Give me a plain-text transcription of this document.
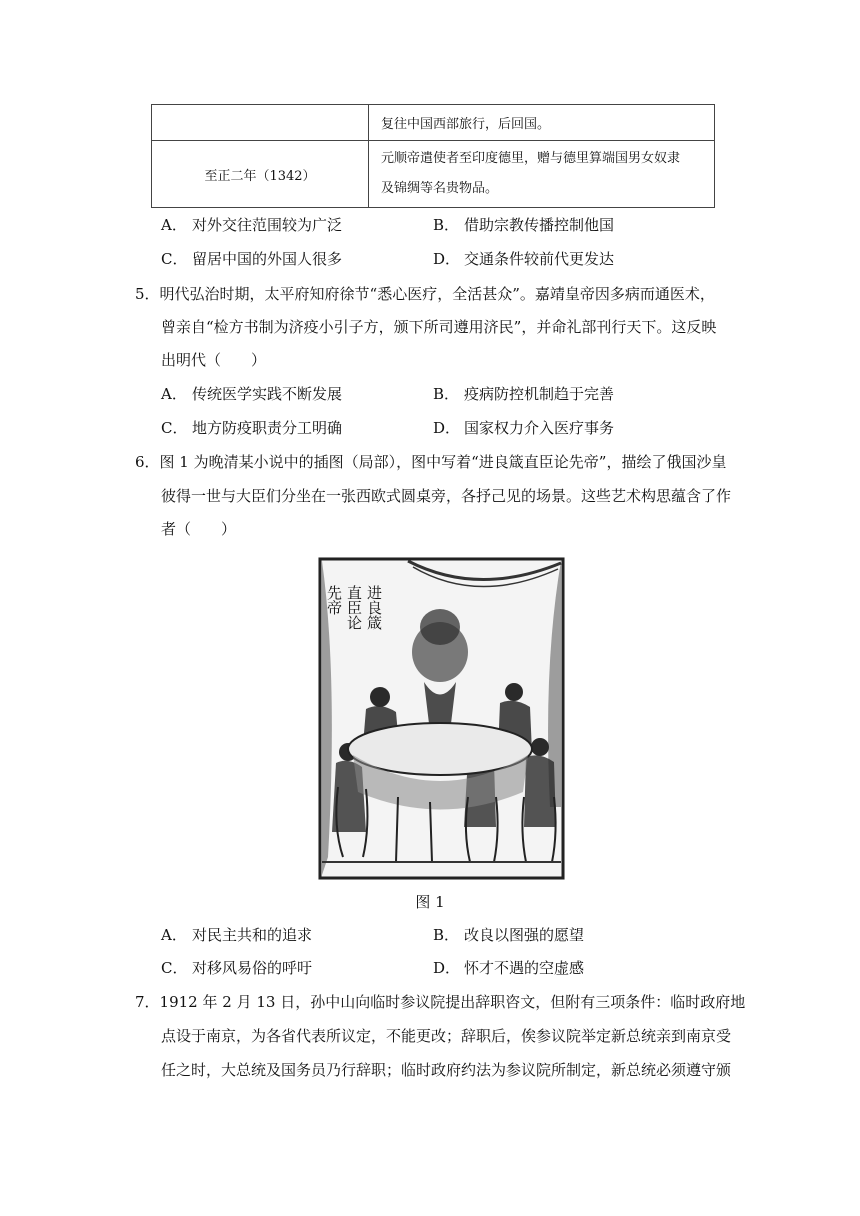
	复往中国西部旅行，后回国。
至正二年（1342）	元顺帝遣使者至印度德里，赠与德里算端国男女奴隶
及锦绸等名贵物品。
A． 对外交往范围较为广泛	B． 借助宗教传播控制他国
C． 留居中国的外国人很多	D． 交通条件较前代更发达
5．明代弘治时期，太平府知府徐节“悉心医疗，全活甚众”。嘉靖皇帝因多病而通医术，
曾亲自“检方书制为济疫小引子方，颁下所司遵用济民”，并命礼部刊行天下。这反映
出明代（　　）
A． 传统医学实践不断发展	B． 疫病防控机制趋于完善
C． 地方防疫职责分工明确	D． 国家权力介入医疗事务
6．图 1 为晚清某小说中的插图（局部），图中写着“进良箴直臣论先帝”，描绘了俄国沙皇
彼得一世与大臣们分坐在一张西欧式圆桌旁，各抒己见的场景。这些艺术构思蕴含了作
者（　　）
进良箴
直臣论
先帝
图 1
A． 对民主共和的追求	B． 改良以图强的愿望
C． 对移风易俗的呼吁	D． 怀才不遇的空虚感
7．1912 年 2 月 13 日，孙中山向临时参议院提出辞职咨文，但附有三项条件：临时政府地
点设于南京，为各省代表所议定，不能更改；辞职后，俟参议院举定新总统亲到南京受
任之时，大总统及国务员乃行辞职；临时政府约法为参议院所制定，新总统必须遵守颁
